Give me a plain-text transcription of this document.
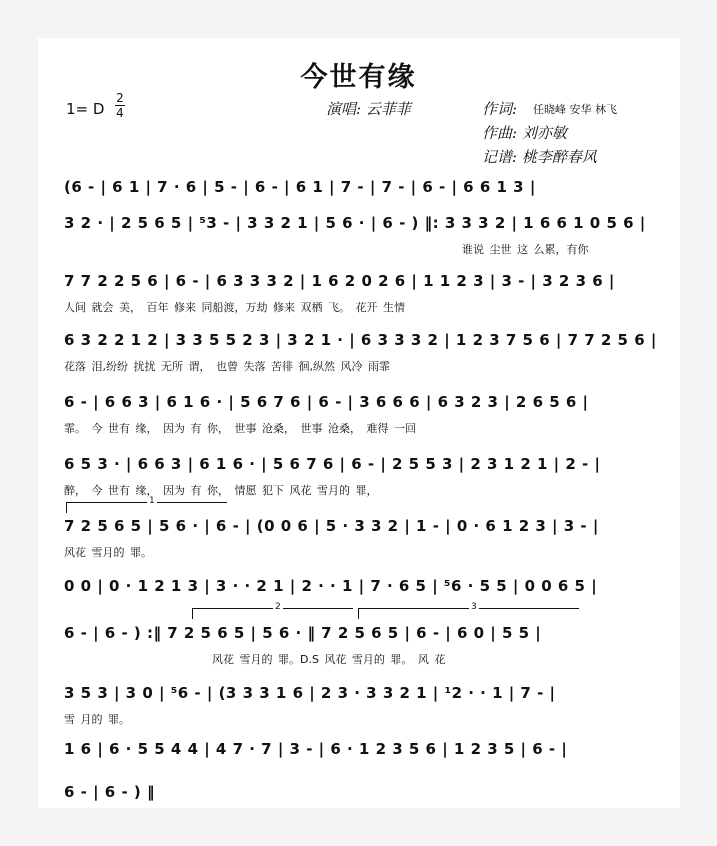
今世有缘
1= D
2
4	演唱: 云菲菲	作词: 任晓峰 安华 林飞
作曲: 刘亦敏
记谱: 桃李醉春风
(6 - | 6 1 | 7 · 6 | 5 - | 6 - | 6 1 | 7 - | 7 - | 6 - | 6 6 1 3 |
3 2 · | 2 5 6 5 | ⁵3 - | 3 3 2 1 | 5 6 · | 6 - ) ‖: 3 3 3 2 | 1 6 6 1 0 5 6 |
谁说 尘世 这 么累，有你
7 7 2 2 5 6 | 6 - | 6 3 3 3 2 | 1 6 2 0 2 6 | 1 1 2 3 | 3 - | 3 2 3 6 |
人间 就会 美， 百年 修来 同船渡，万劫 修来 双栖 飞。 花开 生情
6 3 2 2 1 2 | 3 3 5 5 2 3 | 3 2 1 · | 6 3 3 3 2 | 1 2 3 7 5 6 | 7 7 2 5 6 |
花落 泪,纷纷 扰扰 无所 谓， 也曾 失落 苦徘 徊,纵然 风冷 雨霏
6 - | 6 6 3 | 6 1 6 · | 5 6 7 6 | 6 - | 3 6 6 6 | 6 3 2 3 | 2 6 5 6 |
霏。 今 世有 缘， 因为 有 你， 世事 沧桑， 世事 沧桑， 难得 一回
6 5 3 · | 6 6 3 | 6 1 6 · | 5 6 7 6 | 6 - | 2 5 5 3 | 2 3 1 2 1 | 2 - |
醉， 今 世有 缘， 因为 有 你， 情愿 犯下 风花 雪月的 罪，
1
7 2 5 6 5 | 5 6 · | 6 - | (0 0 6 | 5 · 3 3 2 | 1 - | 0 · 6 1 2 3 | 3 - |
风花 雪月的 罪。
0 0 | 0 · 1 2 1 3 | 3 · · 2 1 | 2 · · 1 | 7 · 6 5 | ⁵6 · 5 5 | 0 0 6 5 |
2	3
6 - | 6 - ) :‖ 7 2 5 6 5 | 5 6 · ‖ 7 2 5 6 5 | 6 - | 6 0 | 5 5 |
风花 雪月的 罪。D.S 风花 雪月的 罪。 风 花
3 5 3 | 3 0 | ⁵6 - | (3 3 3 1 6 | 2 3 · 3 3 2 1 | ¹2 · · 1 | 7 - |
雪 月的 罪。
1 6 | 6 · 5 5 4 4 | 4 7 · 7 | 3 - | 6 · 1 2 3 5 6 | 1 2 3 5 | 6 - |
6 - | 6 - ) ‖
